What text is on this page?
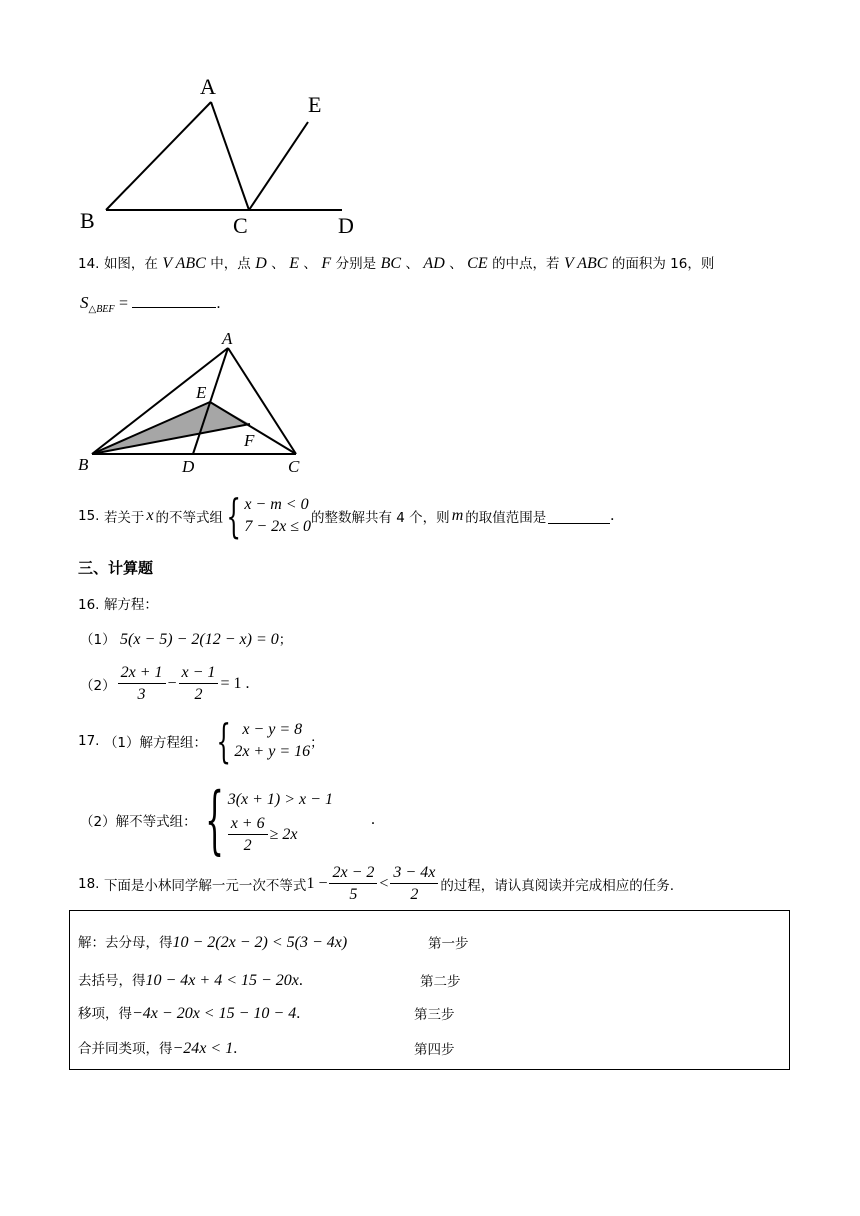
A
B	C	D
E
14. 如图，在 V ABC 中，点 D 、 E 、 F 分别是 BC 、 AD 、 CE 的中点，若 V ABC 的面积为 16，则
$S_{\triangle BEF}$ =	.
A
B	C
D
E
F
15.
若关于 x 的不等式组 { x − m < 0
7 − 2x ≤ 0 的整数解共有 4 个，则 m 的取值范围是	.
三、计算题
16. 解方程：
（1） 5(x − 5) − 2(12 − x) = 0；
$(2) \frac{2x + 1}{3} - \frac{x - 1}{2} = 1$ .
17.
（1）解方程组： { x − y = 8
2x + y = 16 ；
（2）解不等式组： { 3(x + 1) > x − 1
$\frac{x + 6}{2} \ge 2x$
.
18.
下面是小林同学解一元一次不等式 $1 - \frac{2x - 2}{5} < \frac{3 - 4x}{2}$ 的过程，请认真阅读并完成相应的任务.
解：去分母，得10 − 2(2x − 2) < 5(3 − 4x)	第一步
去括号，得10 − 4x + 4 < 15 − 20x.	第二步
移项，得−4x − 20x < 15 − 10 − 4.	第三步
合并同类项，得−24x < 1.	第四步
